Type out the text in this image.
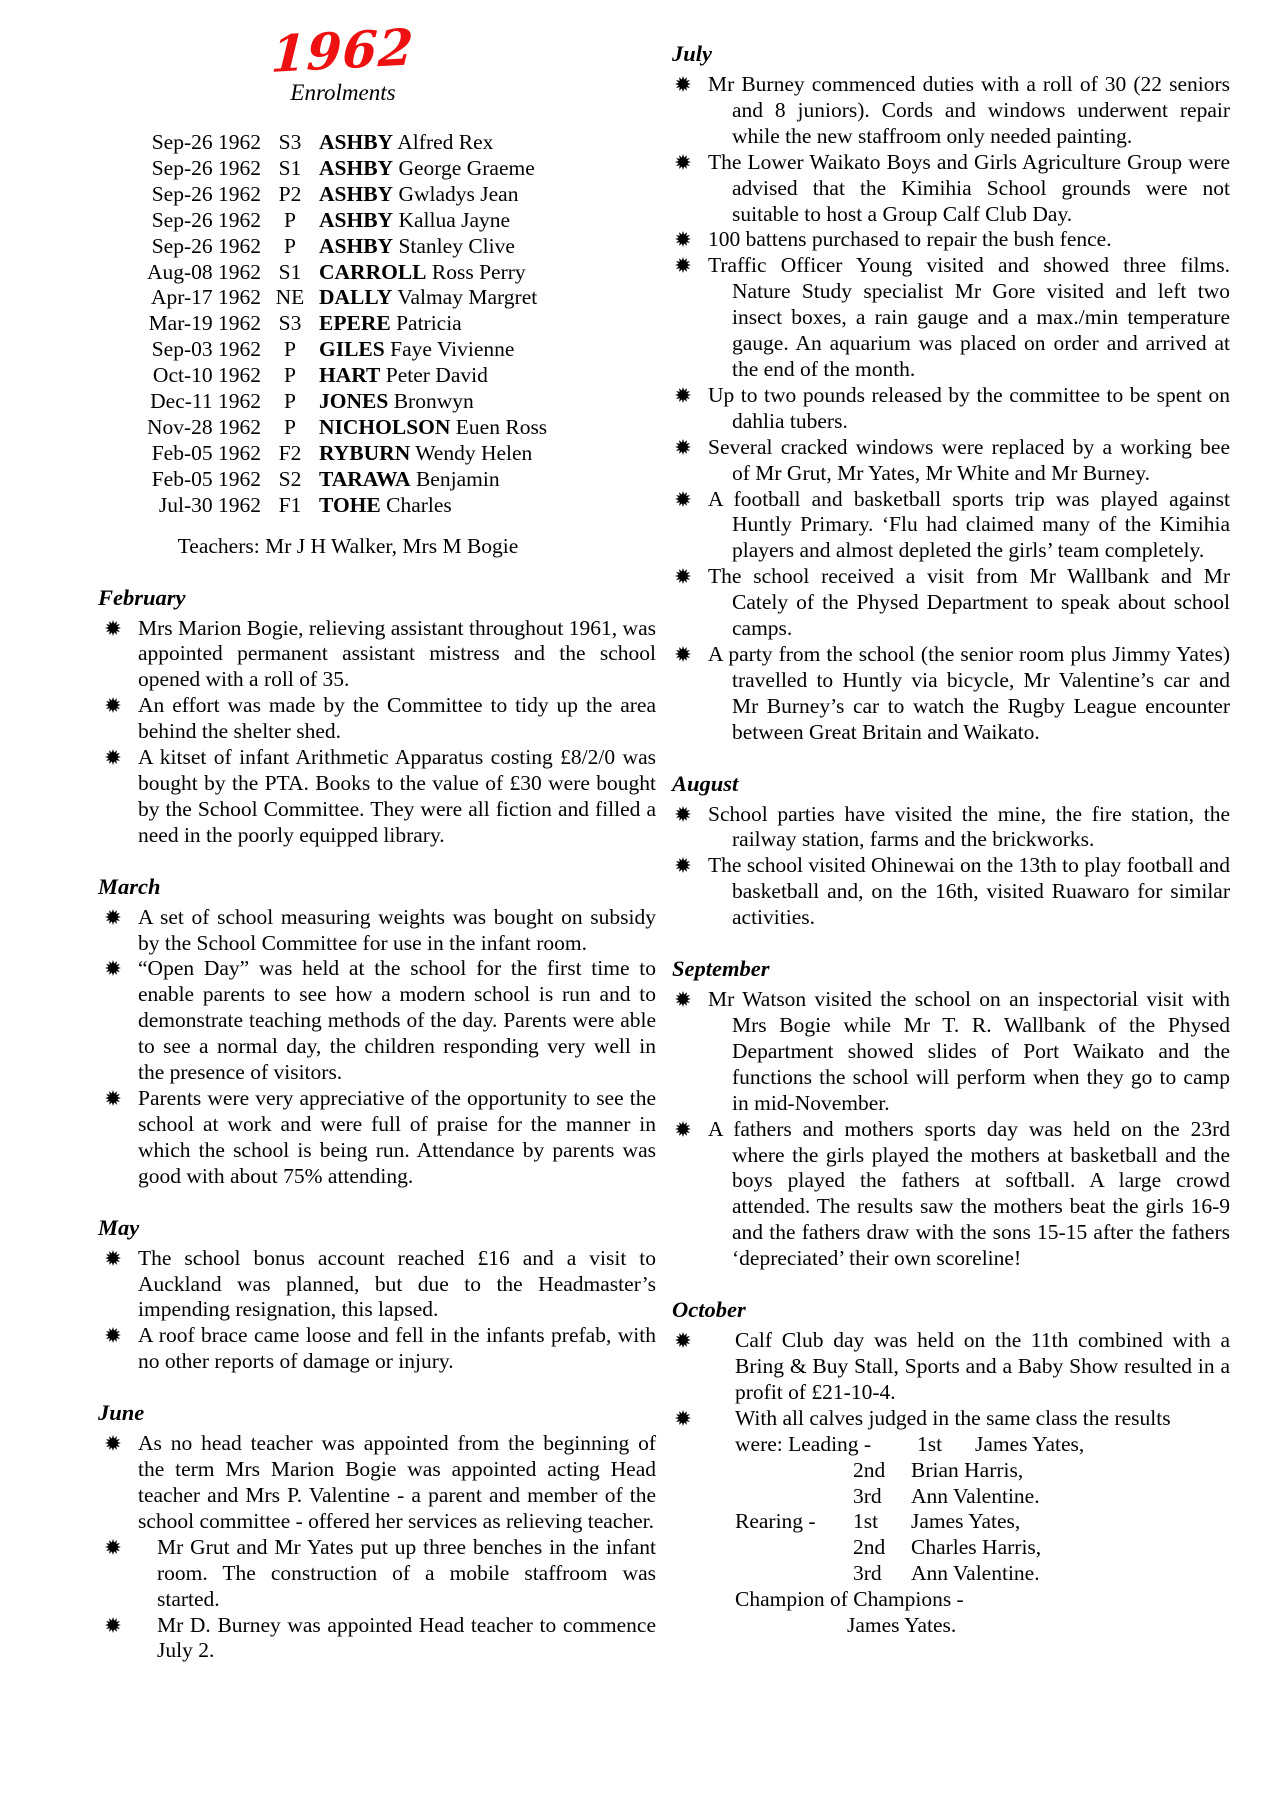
1962
Enrolments
Sep-26 1962 S3 ASHBY Alfred Rex
Sep-26 1962 S1 ASHBY George Graeme
Sep-26 1962 P2 ASHBY Gwladys Jean
Sep-26 1962	P	ASHBY Kallua Jayne
Sep-26 1962	P	ASHBY Stanley Clive
Aug-08 1962 S1 CARROLL Ross Perry
Apr-17 1962 NE DALLY Valmay Margret
Mar-19 1962 S3 EPERE Patricia
Sep-03 1962	P	GILES Faye Vivienne
Oct-10 1962	P	HART Peter David
Dec-11 1962	P	JONES Bronwyn
Nov-28 1962	P	NICHOLSON Euen Ross
Feb-05 1962 F2 RYBURN Wendy Helen
Feb-05 1962 S2 TARAWA Benjamin
Jul-30 1962 F1 TOHE Charles
Teachers: Mr J H Walker, Mrs M Bogie
February
Mrs Marion Bogie, relieving assistant throughout 1961, was appointed permanent assistant mistress and the school opened with a roll of 35.
An effort was made by the Committee to tidy up the area behind the shelter shed.
A kitset of infant Arithmetic Apparatus costing £8/2/0 was bought by the PTA. Books to the value of £30 were bought by the School Committee. They were all fiction and filled a need in the poorly equipped library.
March
A set of school measuring weights was bought on subsidy by the School Committee for use in the infant room.
“Open Day” was held at the school for the first time to enable parents to see how a modern school is run and to demonstrate teaching methods of the day. Parents were able to see a normal day, the children responding very well in the presence of visitors.
Parents were very appreciative of the opportunity to see the school at work and were full of praise for the manner in which the school is being run. Attendance by parents was good with about 75% attending.
May
The school bonus account reached £16 and a visit to Auckland was planned, but due to the Headmaster’s impending resignation, this lapsed.
A roof brace came loose and fell in the infants prefab, with no other reports of damage or injury.
June
As no head teacher was appointed from the beginning of the term Mrs Marion Bogie was appointed acting Head teacher and Mrs P. Valentine - a parent and member of the school committee - offered her services as relieving teacher.
Mr Grut and Mr Yates put up three benches in the infant room. The construction of a mobile staffroom was started.
Mr D. Burney was appointed Head teacher to commence July 2.
July
Mr Burney commenced duties with a roll of 30 (22 seniors and 8 juniors). Cords and windows underwent repair while the new staffroom only needed painting.
The Lower Waikato Boys and Girls Agriculture Group were advised that the Kimihia School grounds were not suitable to host a Group Calf Club Day.
100 battens purchased to repair the bush fence.
Traffic Officer Young visited and showed three films. Nature Study specialist Mr Gore visited and left two insect boxes, a rain gauge and a max./min temperature gauge. An aquarium was placed on order and arrived at the end of the month.
Up to two pounds released by the committee to be spent on dahlia tubers.
Several cracked windows were replaced by a working bee of Mr Grut, Mr Yates, Mr White and Mr Burney.
A football and basketball sports trip was played against Huntly Primary. ‘Flu had claimed many of the Kimihia players and almost depleted the girls’ team completely.
The school received a visit from Mr Wallbank and Mr Cately of the Physed Department to speak about school camps.
A party from the school (the senior room plus Jimmy Yates) travelled to Huntly via bicycle, Mr Valentine’s car and Mr Burney’s car to watch the Rugby League encounter between Great Britain and Waikato.
August
School parties have visited the mine, the fire station, the railway station, farms and the brickworks.
The school visited Ohinewai on the 13th to play football and basketball and, on the 16th, visited Ruawaro for similar activities.
September
Mr Watson visited the school on an inspectorial visit with Mrs Bogie while Mr T. R. Wallbank of the Physed Department showed slides of Port Waikato and the functions the school will perform when they go to camp in mid-November.
A fathers and mothers sports day was held on the 23rd where the girls played the mothers at basketball and the boys played the fathers at softball. A large crowd attended. The results saw the mothers beat the girls 16-9 and the fathers draw with the sons 15-15 after the fathers ‘depreciated’ their own scoreline!
October
Calf Club day was held on the 11th combined with a Bring & Buy Stall, Sports and a Baby Show resulted in a profit of £21-10-4.
With all calves judged in the same class the results
were: Leading -	1st	James Yates,
2nd	Brian Harris,
3rd	Ann Valentine.
Rearing -	1st	James Yates,
2nd	Charles Harris,
3rd	Ann Valentine.
Champion of Champions -
James Yates.
